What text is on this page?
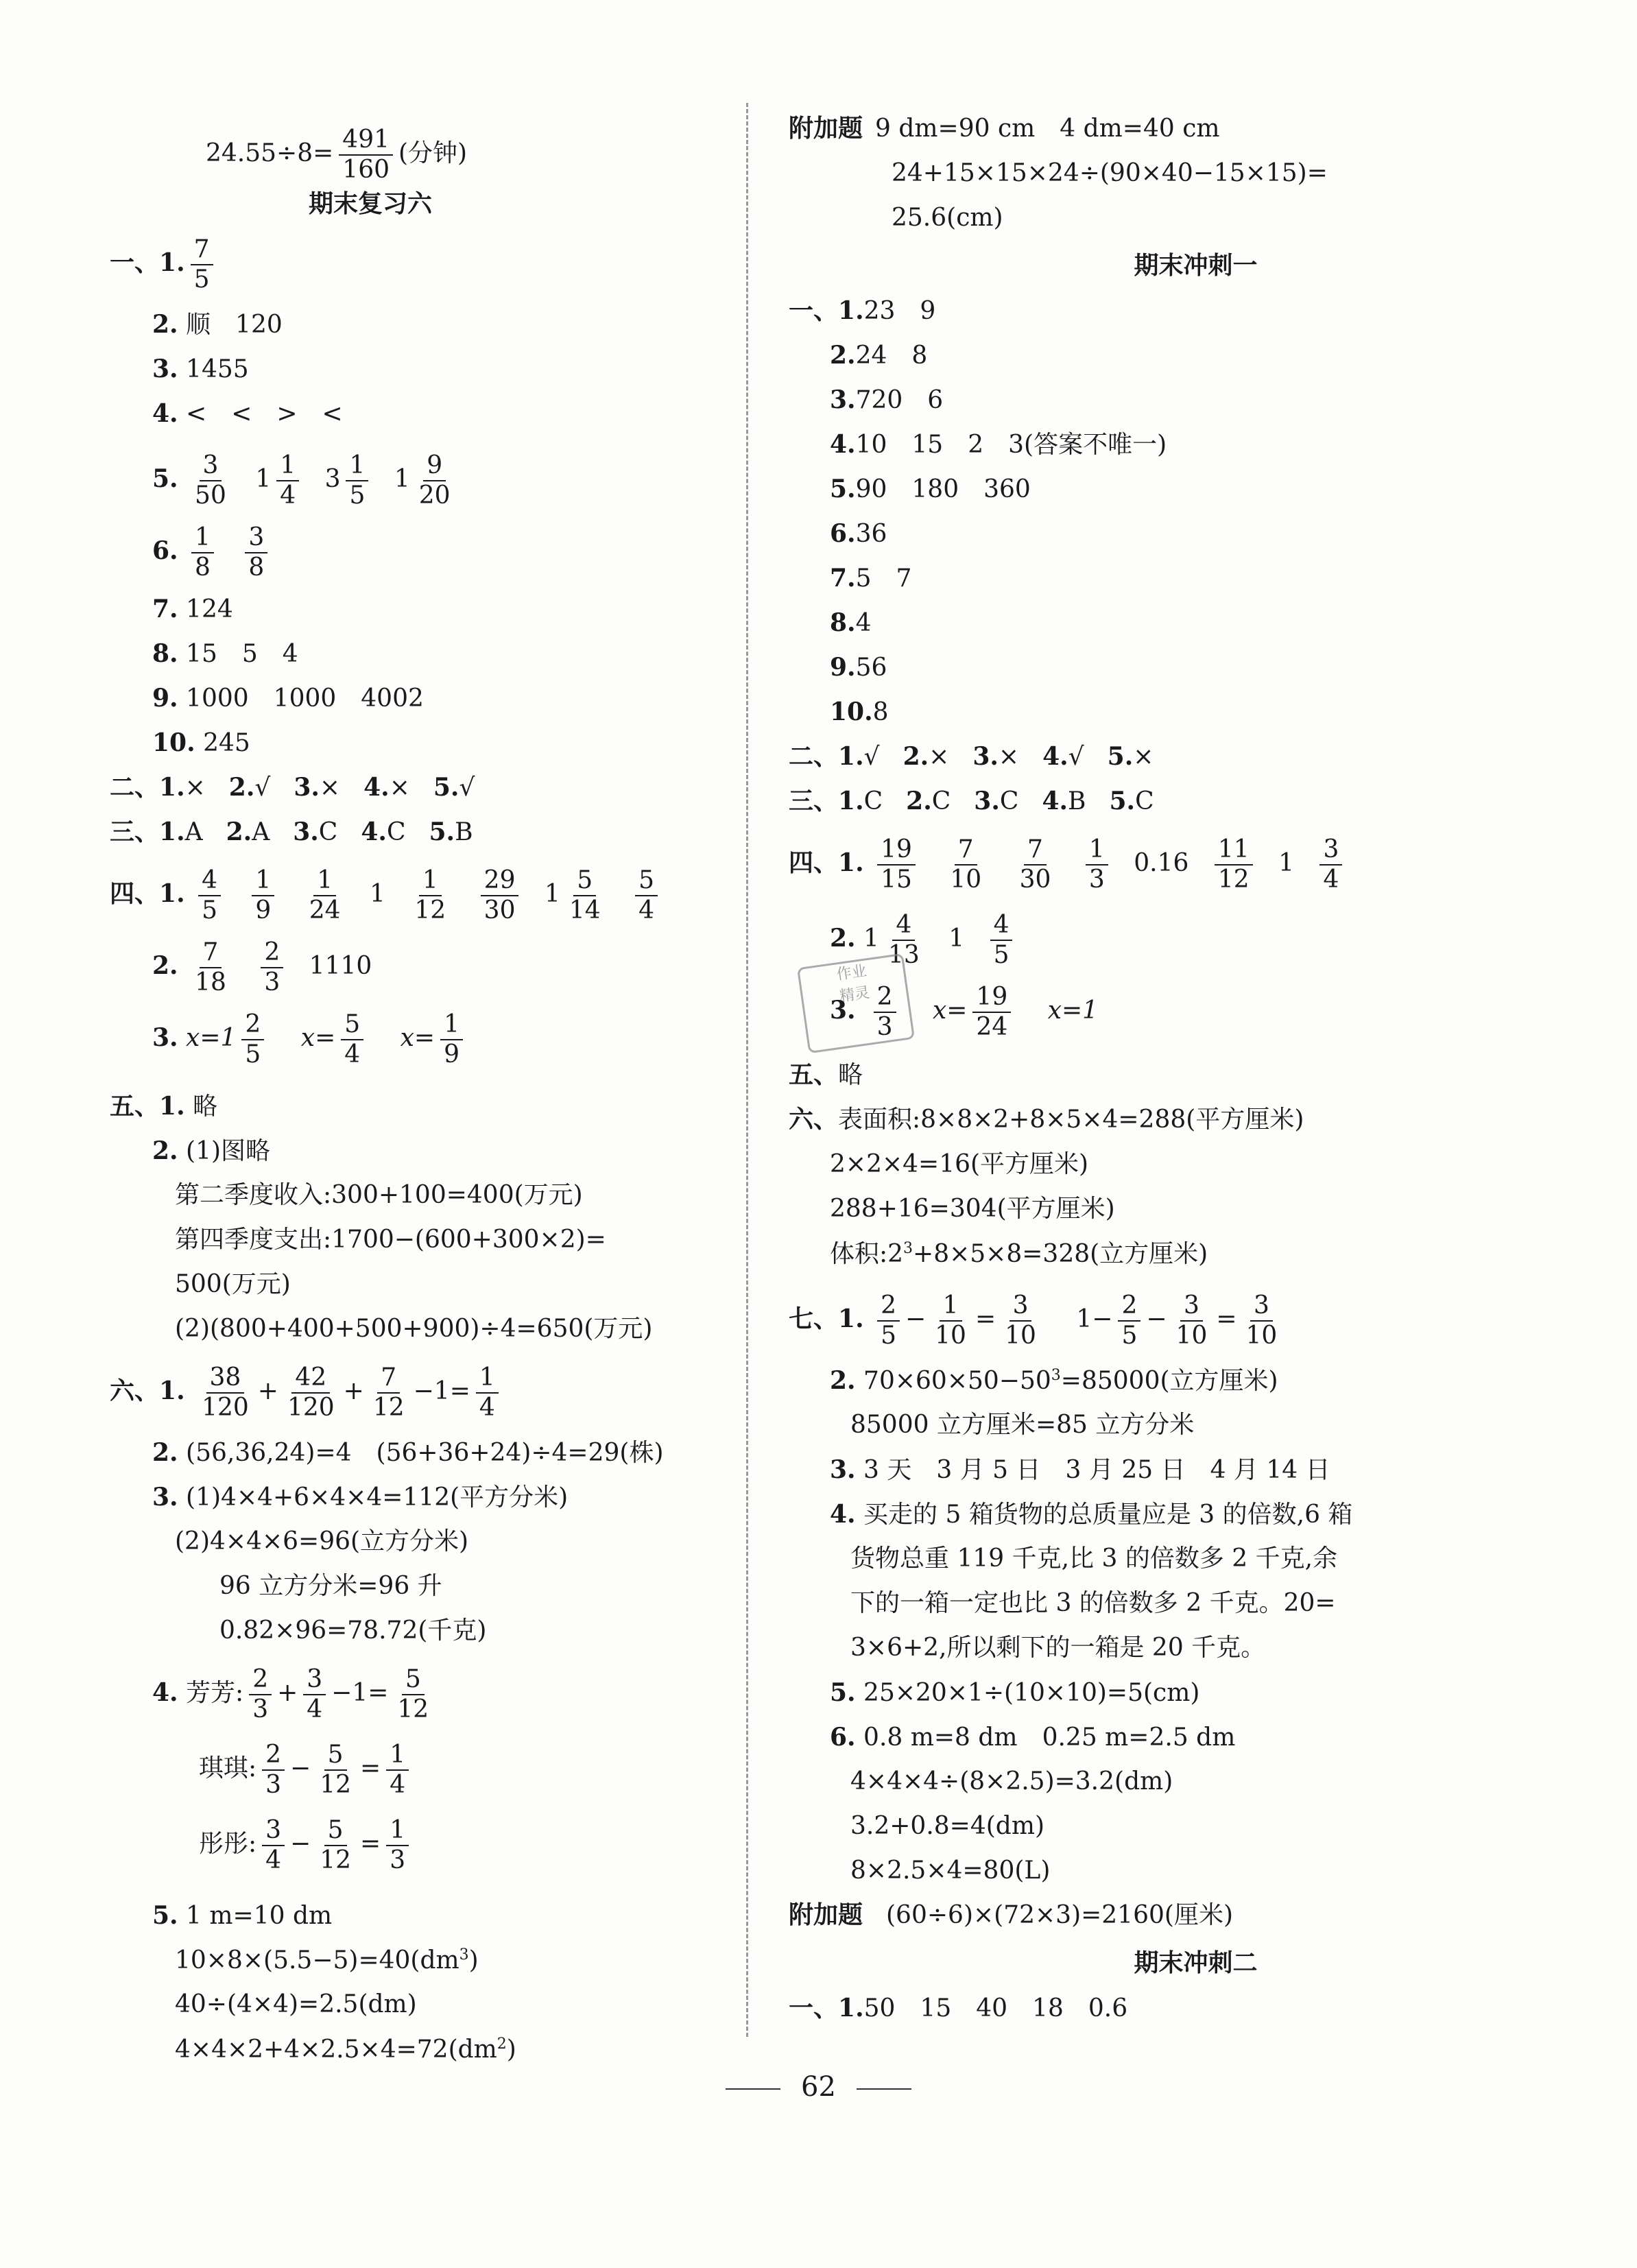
$24.55\div 8= \frac{491}{160}$ (分钟)
期末复习六
一、1. $\frac{7}{5}$
2. 顺　120
3. 1455
4. <　<　>　<
5. $\frac{3}{50} 1 \frac{1}{4} 3 \frac{1}{5} 1 \frac{9}{20}$
6. $\frac{1}{8}$
$\frac{3}{8}$
7. 124
8. 15　5　4
9. 1000　1000　4002
10. 245
二、1.× 2.√ 3.× 4.× 5.√
三、1.A 2.A 3.C 4.C 5.B
四、1. $\frac{4}{5}$
$\frac{1}{9}$
$\frac{1}{24} 1 \frac{1}{12}$
$\frac{29}{30} 1 \frac{5}{14}$
$\frac{5}{4}$
2. $\frac{7}{18}$
$\frac{2}{3} 1110$
3. $x=1 \frac{2}{5} x= \frac{5}{4} x= \frac{1}{9}$
五、1. 略
2. (1)图略
第二季度收入:300+100=400(万元)
第四季度支出:1700−(600+300×2)=
500(万元)
(2)(800+400+500+900)÷4=650(万元)
六、1. $\frac{38}{120} + \frac{42}{120} + \frac{7}{12} -1= \frac{1}{4}$
2. (56,36,24)=4　(56+36+24)÷4=29(株)
3. (1)4×4+6×4×4=112(平方分米)
(2)4×4×6=96(立方分米)
96 立方分米=96 升
0.82×96=78.72(千克)
4. 芳芳: $\frac{2}{3} + \frac{3}{4} -1= \frac{5}{12}$
琪琪: $\frac{2}{3} - \frac{5}{12} = \frac{1}{4}$
彤彤: $\frac{3}{4} - \frac{5}{12} = \frac{1}{3}$
5. 1 m=10 dm
$10\times 8\times(5.5-5)=40(dm^3)$
40÷(4×4)=2.5(dm)
$4\times 4\times 2+4\times 2.5\times 4=72(dm^2)$
附加题 9 dm=90 cm　4 dm=40 cm
24+15×15×24÷(90×40−15×15)=
25.6(cm)
期末冲刺一
一、1.23　9
2.24　8
3.720　6
4.10　15　2　3(答案不唯一)
5.90　180　360
6.36
7.5　7
8.4
9.56
10.8
二、1.√ 2.× 3.× 4.√ 5.×
三、1.C 2.C 3.C 4.B 5.C
四、1. $\frac{19}{15}$
$\frac{7}{10}$
$\frac{7}{30}$
$\frac{1}{3} 0.16 \frac{11}{12} 1 \frac{3}{4}$
2. $1 \frac{4}{13} 1 \frac{4}{5}$
3. $\frac{2}{3} x= \frac{19}{24} x=1$
五、略
六、表面积:8×8×2+8×5×4=288(平方厘米)
2×2×4=16(平方厘米)
288+16=304(平方厘米)
体积$:2^3+8\times 5\times 8=328$(立方厘米)
七、1. $\frac{2}{5} - \frac{1}{10} = \frac{3}{10} 1- \frac{2}{5} - \frac{3}{10} = \frac{3}{10}$
2. $70\times 60\times 50-50^3=85000$(立方厘米)
85000 立方厘米=85 立方分米
3. 3 天　3 月 5 日　3 月 25 日　4 月 14 日
4. 买走的 5 箱货物的总质量应是 3 的倍数,6 箱
货物总重 119 千克,比 3 的倍数多 2 千克,余
下的一箱一定也比 3 的倍数多 2 千克。20=
3×6+2,所以剩下的一箱是 20 千克。
5. 25×20×1÷(10×10)=5(cm)
6. 0.8 m=8 dm　0.25 m=2.5 dm
4×4×4÷(8×2.5)=3.2(dm)
3.2+0.8=4(dm)
8×2.5×4=80(L)
附加题 (60÷6)×(72×3)=2160(厘米)
期末冲刺二
一、1.50　15　40　18　0.6
作业
精灵
62
